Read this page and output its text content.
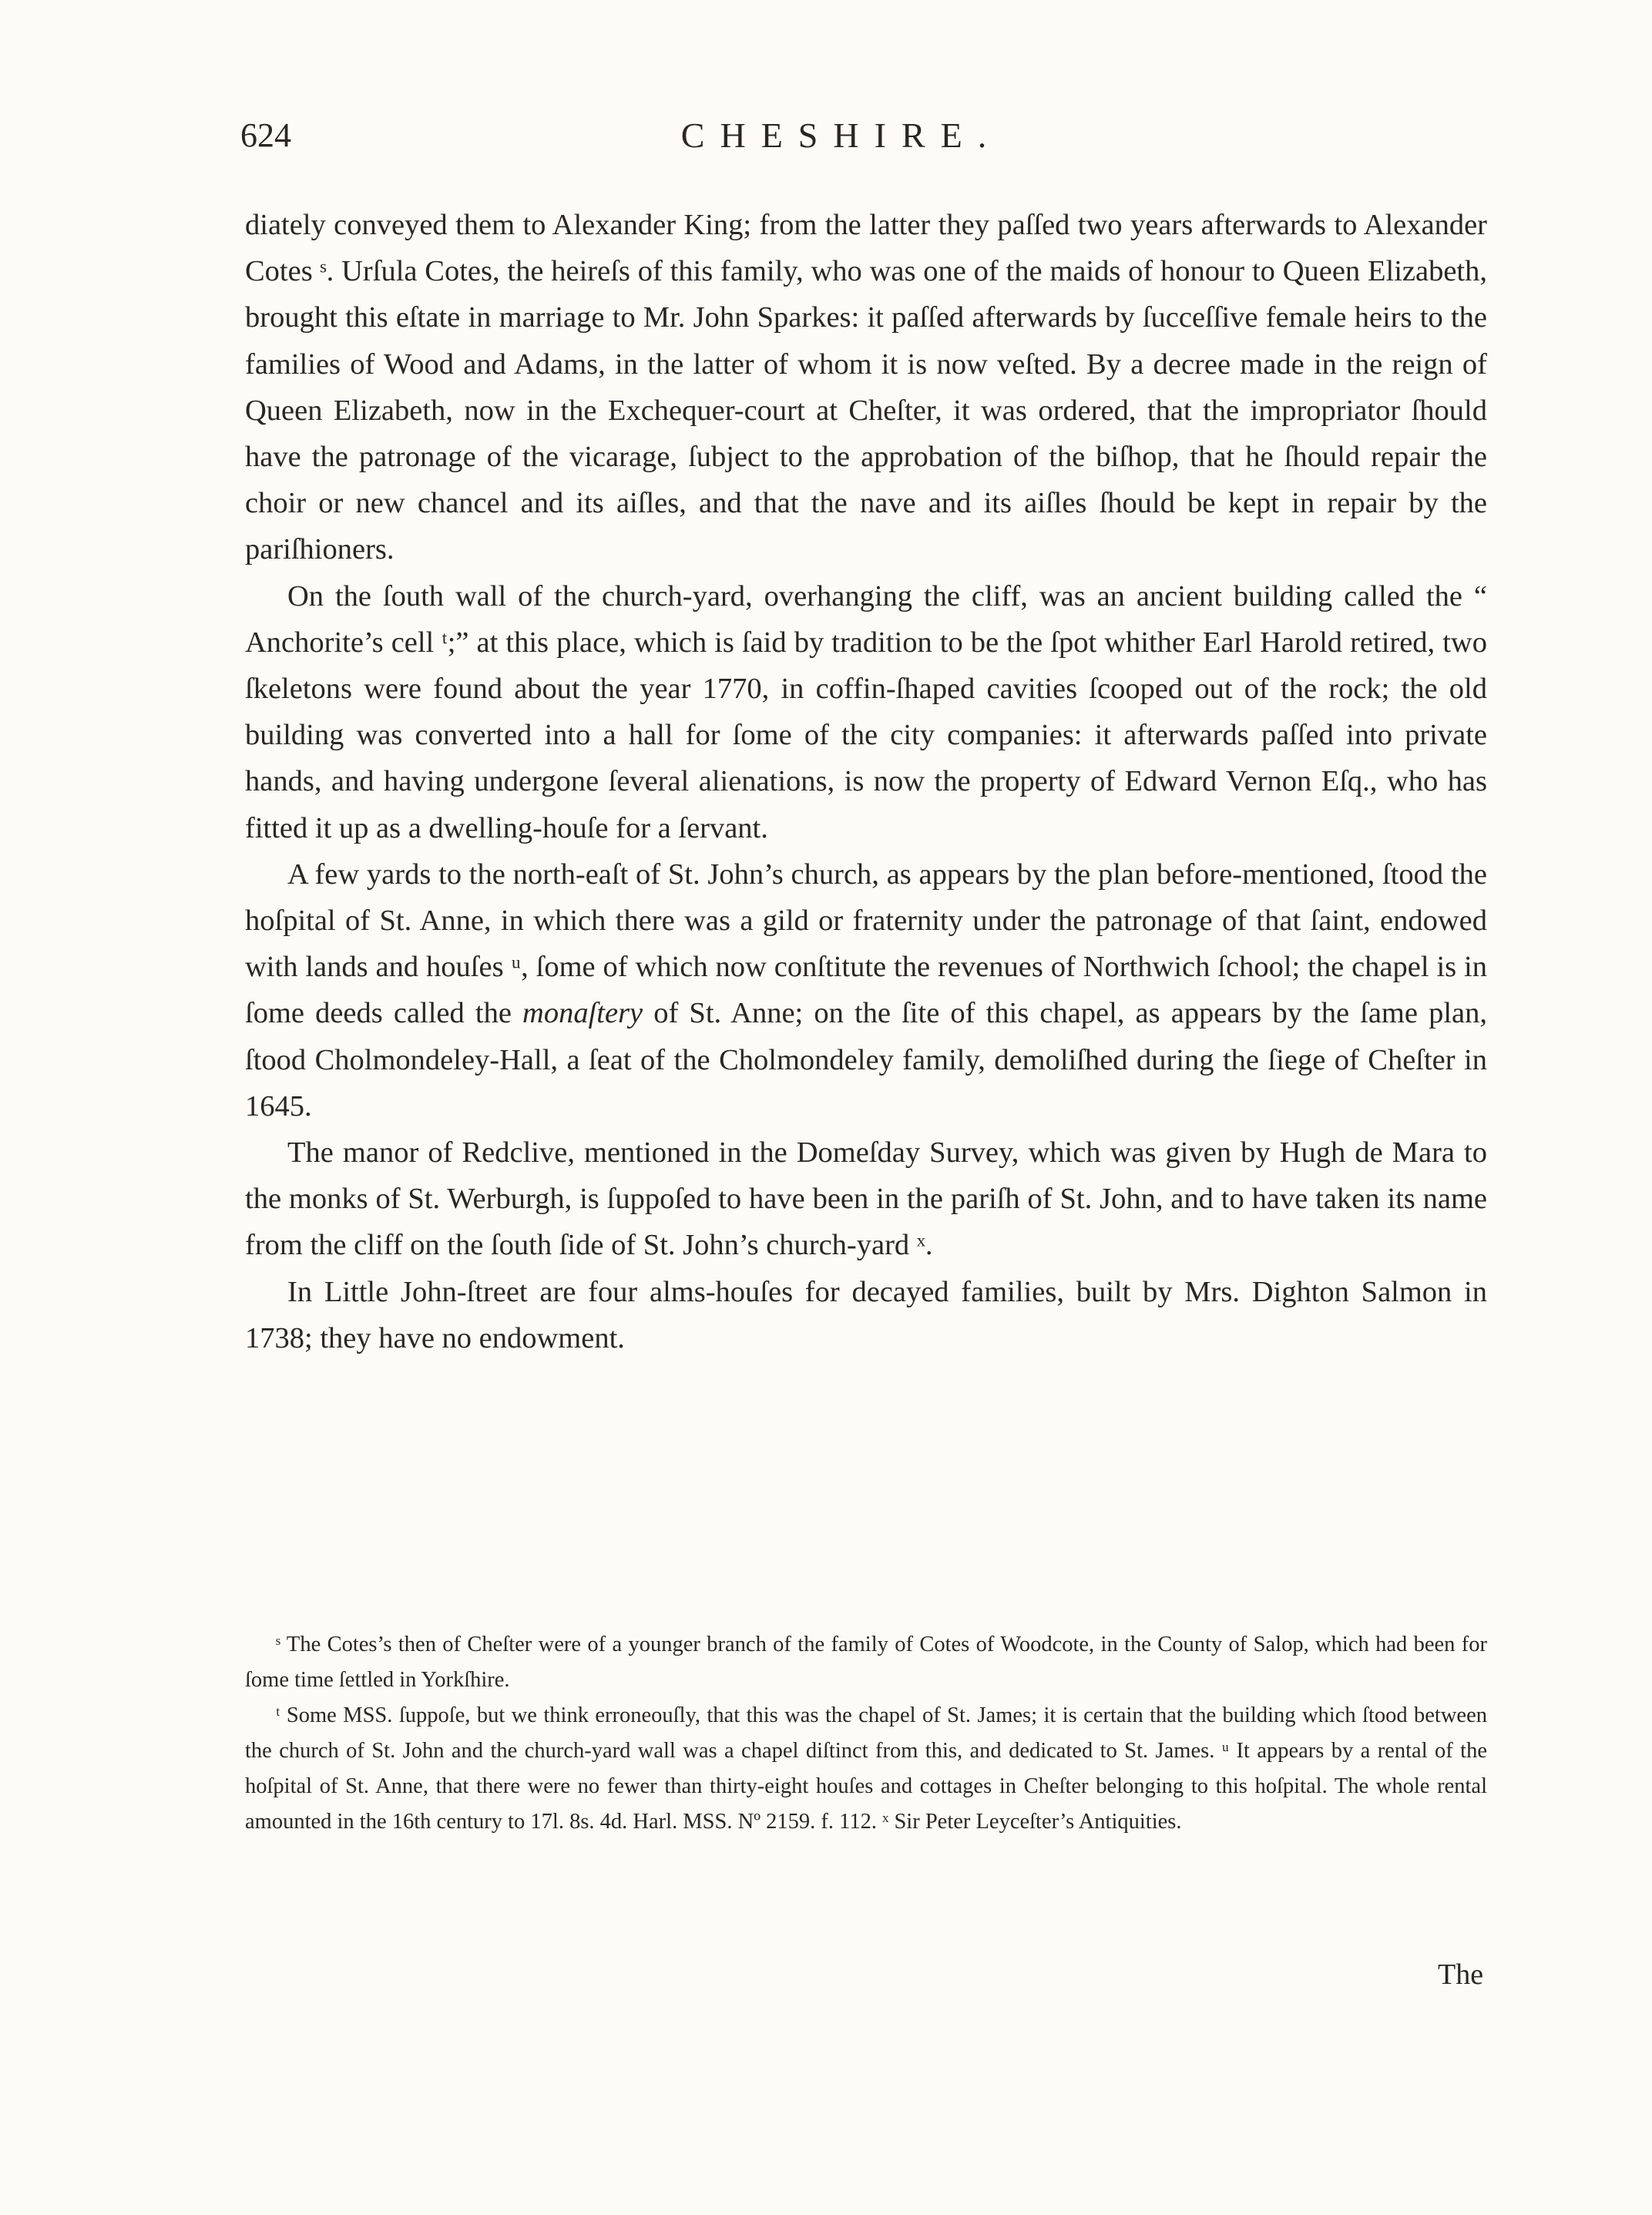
624	CHESHIRE.

diately conveyed them to Alexander King; from the latter they paſſed two years afterwards to Alexander Cotes ˢ. Urſula Cotes, the heireſs of this family, who was one of the maids of honour to Queen Elizabeth, brought this eſtate in marriage to Mr. John Sparkes: it paſſed afterwards by ſucceſſive female heirs to the families of Wood and Adams, in the latter of whom it is now veſted. By a decree made in the reign of Queen Elizabeth, now in the Exchequer-court at Cheſter, it was ordered, that the impropriator ſhould have the patronage of the vicarage, ſubject to the approbation of the biſhop, that he ſhould repair the choir or new chancel and its aiſles, and that the nave and its aiſles ſhould be kept in repair by the pariſhioners.

On the ſouth wall of the church-yard, overhanging the cliff, was an ancient building called the “ Anchorite’s cell ᵗ;” at this place, which is ſaid by tradition to be the ſpot whither Earl Harold retired, two ſkeletons were found about the year 1770, in coffin-ſhaped cavities ſcooped out of the rock; the old building was converted into a hall for ſome of the city companies: it afterwards paſſed into private hands, and having undergone ſeveral alienations, is now the property of Edward Vernon Eſq., who has fitted it up as a dwelling-houſe for a ſervant.

A few yards to the north-eaſt of St. John’s church, as appears by the plan before-mentioned, ſtood the hoſpital of St. Anne, in which there was a gild or fraternity under the patronage of that ſaint, endowed with lands and houſes ᵘ, ſome of which now conſtitute the revenues of Northwich ſchool; the chapel is in ſome deeds called the monaſtery of St. Anne; on the ſite of this chapel, as appears by the ſame plan, ſtood Cholmondeley-Hall, a ſeat of the Cholmondeley family, demoliſhed during the ſiege of Cheſter in 1645.

The manor of Redclive, mentioned in the Domeſday Survey, which was given by Hugh de Mara to the monks of St. Werburgh, is ſuppoſed to have been in the pariſh of St. John, and to have taken its name from the cliff on the ſouth ſide of St. John’s church-yard ˣ.

In Little John-ſtreet are four alms-houſes for decayed families, built by Mrs. Dighton Salmon in 1738; they have no endowment.

ˢ The Cotes’s then of Cheſter were of a younger branch of the family of Cotes of Woodcote, in the County of Salop, which had been for ſome time ſettled in Yorkſhire.

ᵗ Some MSS. ſuppoſe, but we think erroneouſly, that this was the chapel of St. James; it is certain that the building which ſtood between the church of St. John and the church-yard wall was a chapel diſtinct from this, and dedicated to St. James. ᵘ It appears by a rental of the hoſpital of St. Anne, that there were no fewer than thirty-eight houſes and cottages in Cheſter belonging to this hoſpital. The whole rental amounted in the 16th century to 17l. 8s. 4d. Harl. MSS. Nº 2159. f. 112. ˣ Sir Peter Leyceſter’s Antiquities.

The
